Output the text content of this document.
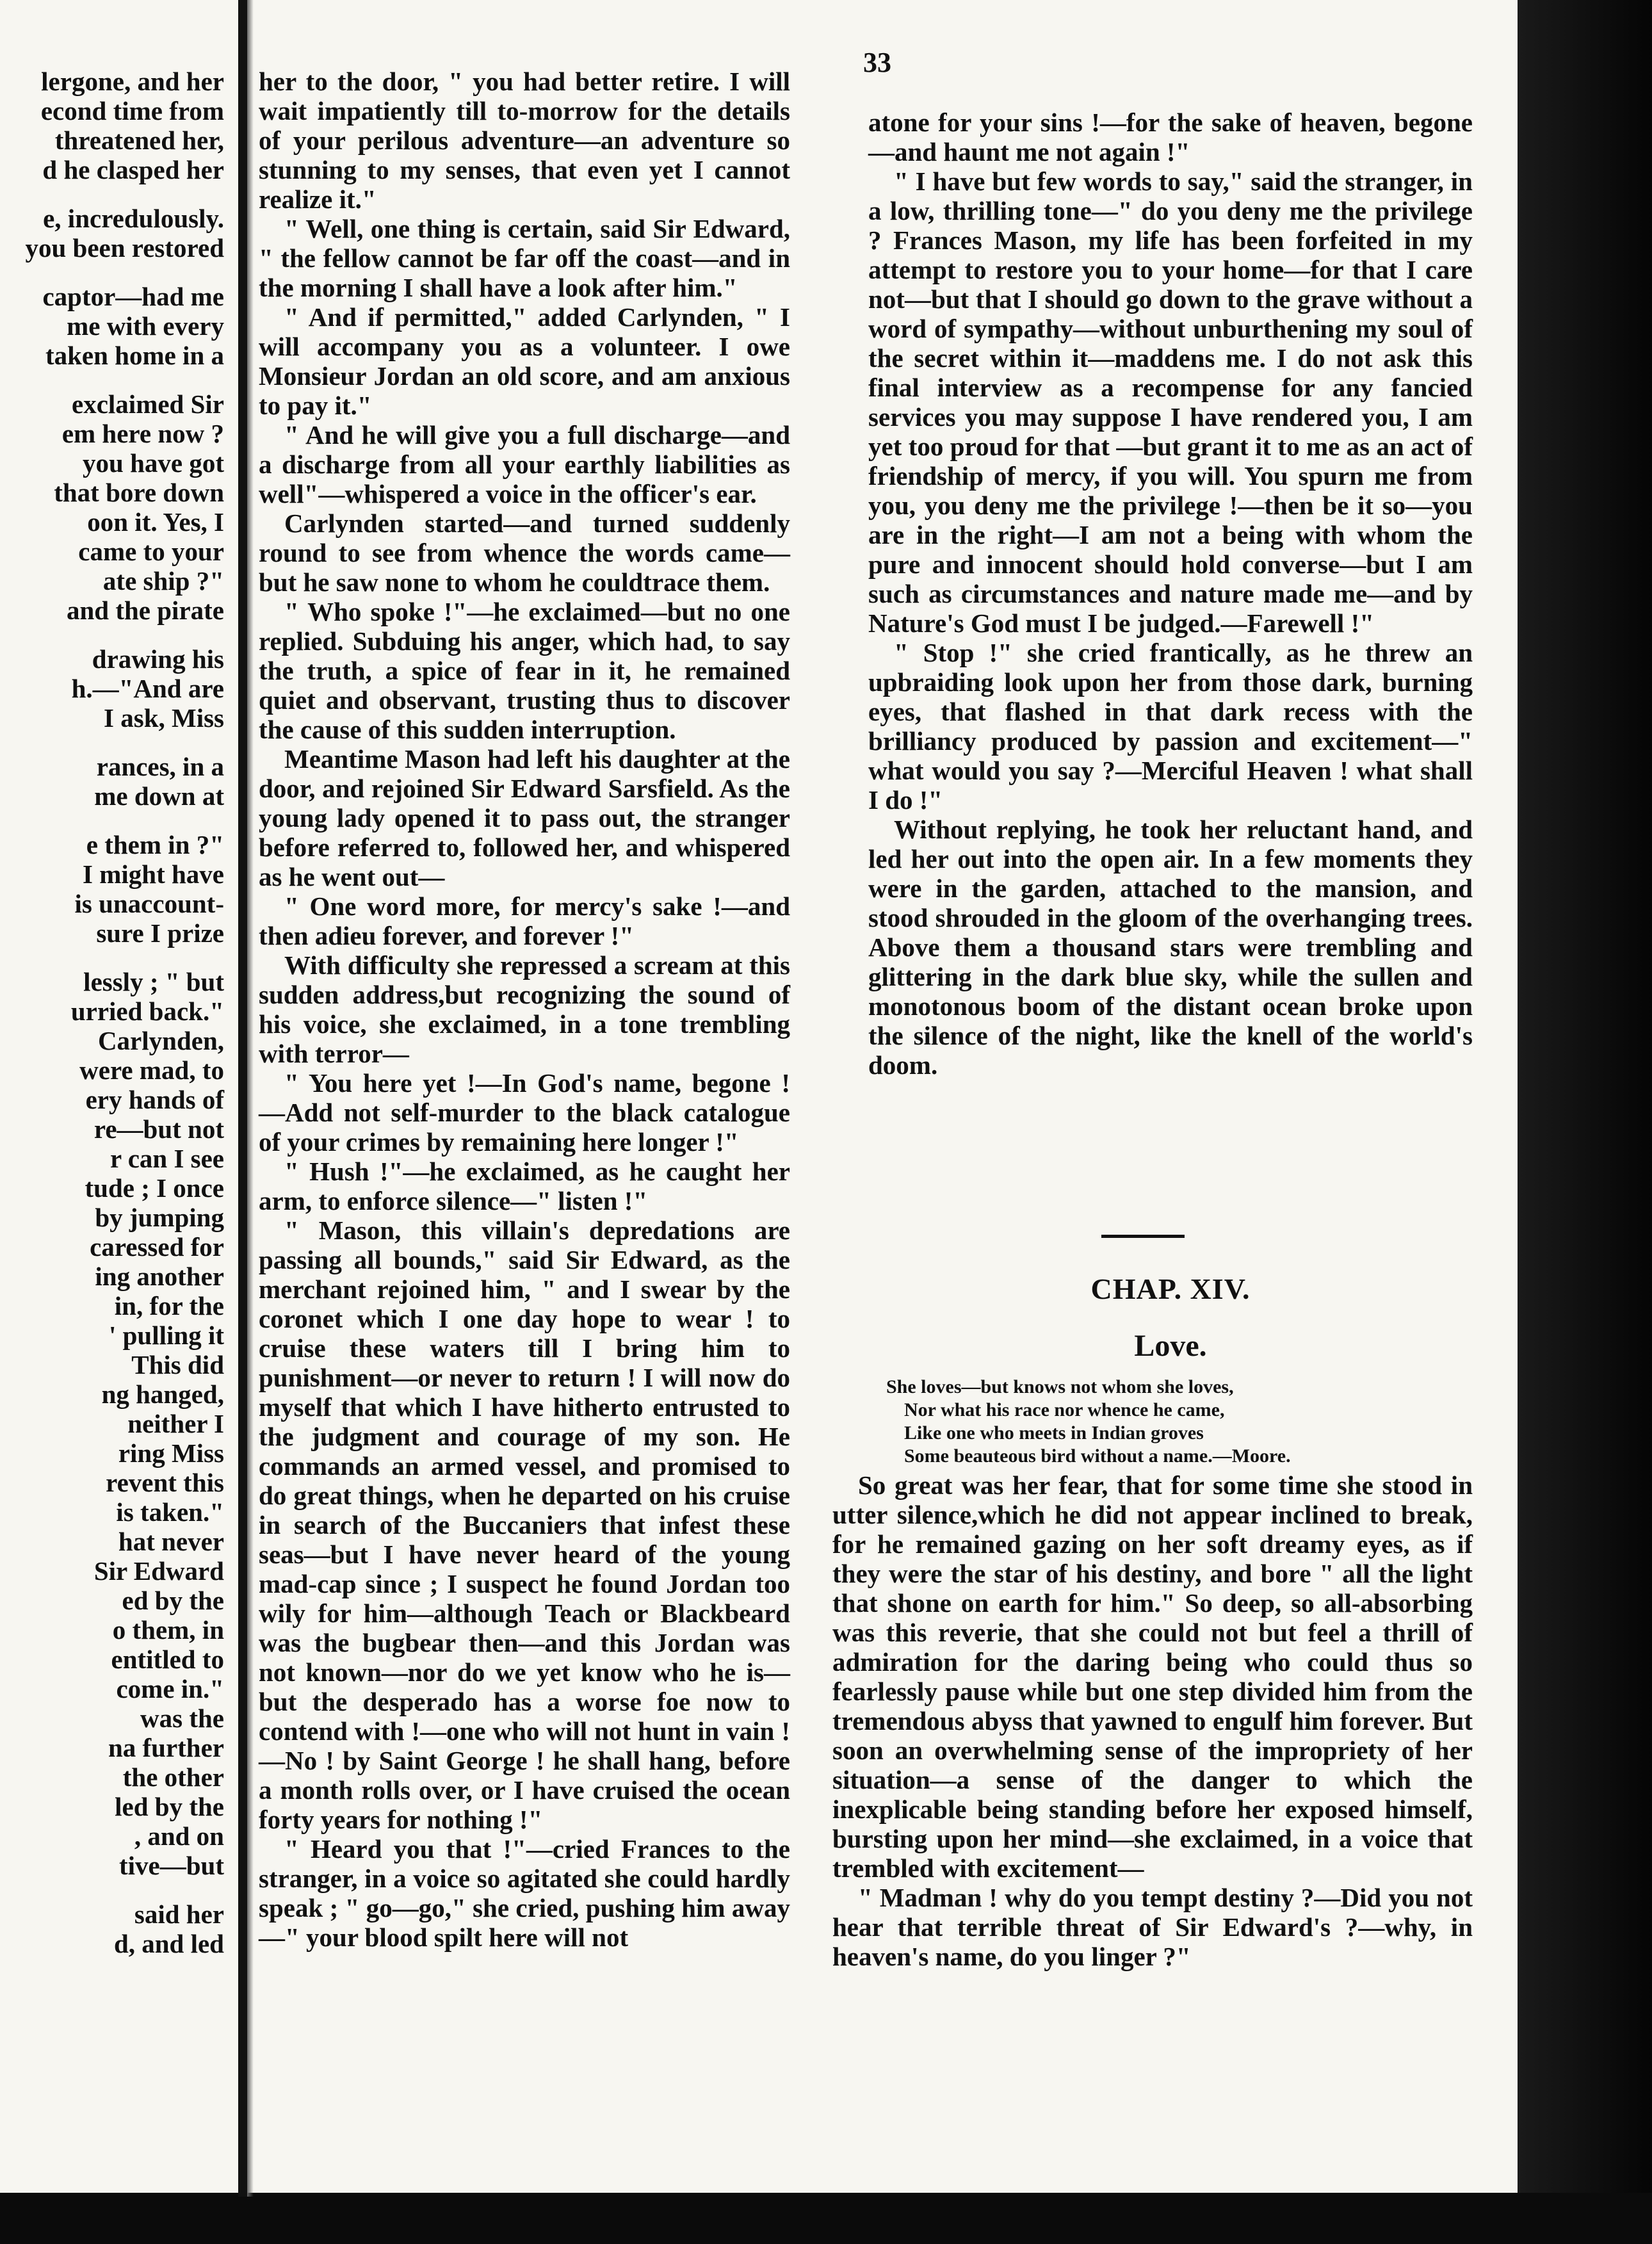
lergone, and her
econd time from
threatened her,
d he clasped her
e, incredulously.
you been restored
captor—had me
me with every
taken home in a
exclaimed Sir
em here now ?
you have got
that bore down
oon it. Yes, I
came to your
ate ship ?"
and the pirate
drawing his
h.—"And are
I ask, Miss
rances, in a
me down at
e them in ?"
I might have
is unaccount-
sure I prize
lessly ; " but
urried back."
Carlynden,
were mad, to
ery hands of
re—but not
r can I see
tude ; I once
by jumping
caressed for
ing another
in, for the
' pulling it
This did
ng hanged,
neither I
ring Miss
revent this
is taken."
hat never
Sir Edward
ed by the
o them, in
entitled to
come in."
was the
na further
the other
led by the
, and on
tive—but
said her
d, and led
33

her to the door, " you had better retire. I will wait impatiently till to-morrow for the details of your perilous adventure—an adventure so stunning to my senses, that even yet I cannot realize it."

" Well, one thing is certain, said Sir Edward, " the fellow cannot be far off the coast—and in the morning I shall have a look after him."

" And if permitted," added Carlynden, " I will accompany you as a volunteer. I owe Monsieur Jordan an old score, and am anxious to pay it."

" And he will give you a full discharge—and a discharge from all your earthly liabilities as well"—whispered a voice in the officer's ear.

Carlynden started—and turned suddenly round to see from whence the words came—but he saw none to whom he couldtrace them.

" Who spoke !"—he exclaimed—but no one replied. Subduing his anger, which had, to say the truth, a spice of fear in it, he remained quiet and observant, trusting thus to discover the cause of this sudden interruption.

Meantime Mason had left his daughter at the door, and rejoined Sir Edward Sarsfield. As the young lady opened it to pass out, the stranger before referred to, followed her, and whispered as he went out—

" One word more, for mercy's sake !—and then adieu forever, and forever !"

With difficulty she repressed a scream at this sudden address,but recognizing the sound of his voice, she exclaimed, in a tone trembling with terror—

" You here yet !—In God's name, begone ! —Add not self-murder to the black catalogue of your crimes by remaining here longer !"

" Hush !"—he exclaimed, as he caught her arm, to enforce silence—" listen !"

" Mason, this villain's depredations are passing all bounds," said Sir Edward, as the merchant rejoined him, " and I swear by the coronet which I one day hope to wear ! to cruise these waters till I bring him to punishment—or never to return ! I will now do myself that which I have hitherto entrusted to the judgment and courage of my son. He commands an armed vessel, and promised to do great things, when he departed on his cruise in search of the Buccaniers that infest these seas—but I have never heard of the young mad-cap since ; I suspect he found Jordan too wily for him—although Teach or Blackbeard was the bugbear then—and this Jordan was not known—nor do we yet know who he is—but the desperado has a worse foe now to contend with !—one who will not hunt in vain !—No ! by Saint George ! he shall hang, before a month rolls over, or I have cruised the ocean forty years for nothing !"

" Heard you that !"—cried Frances to the stranger, in a voice so agitated she could hardly speak ; " go—go," she cried, pushing him away—" your blood spilt here will not

atone for your sins !—for the sake of heaven, begone—and haunt me not again !"

" I have but few words to say," said the stranger, in a low, thrilling tone—" do you deny me the privilege ? Frances Mason, my life has been forfeited in my attempt to restore you to your home—for that I care not—but that I should go down to the grave without a word of sympathy—without unburthening my soul of the secret within it—maddens me. I do not ask this final interview as a recompense for any fancied services you may suppose I have rendered you, I am yet too proud for that —but grant it to me as an act of friendship of mercy, if you will. You spurn me from you, you deny me the privilege !—then be it so—you are in the right—I am not a being with whom the pure and innocent should hold converse—but I am such as circumstances and nature made me—and by Nature's God must I be judged.—Farewell !"

" Stop !" she cried frantically, as he threw an upbraiding look upon her from those dark, burning eyes, that flashed in that dark recess with the brilliancy produced by passion and excitement—" what would you say ?—Merciful Heaven ! what shall I do !"

Without replying, he took her reluctant hand, and led her out into the open air. In a few moments they were in the garden, attached to the mansion, and stood shrouded in the gloom of the overhanging trees. Above them a thousand stars were trembling and glittering in the dark blue sky, while the sullen and monotonous boom of the distant ocean broke upon the silence of the night, like the knell of the world's doom.

CHAP. XIV.
Love.
She loves—but knows not whom she loves,
Nor what his race nor whence he came,
Like one who meets in Indian groves
Some beauteous bird without a name.—Moore.

So great was her fear, that for some time she stood in utter silence,which he did not appear inclined to break, for he remained gazing on her soft dreamy eyes, as if they were the star of his destiny, and bore " all the light that shone on earth for him." So deep, so all-absorbing was this reverie, that she could not but feel a thrill of admiration for the daring being who could thus so fearlessly pause while but one step divided him from the tremendous abyss that yawned to engulf him forever. But soon an overwhelming sense of the impropriety of her situation—a sense of the danger to which the inexplicable being standing before her exposed himself, bursting upon her mind—she exclaimed, in a voice that trembled with excitement—

" Madman ! why do you tempt destiny ?—Did you not hear that terrible threat of Sir Edward's ?—why, in heaven's name, do you linger ?"
